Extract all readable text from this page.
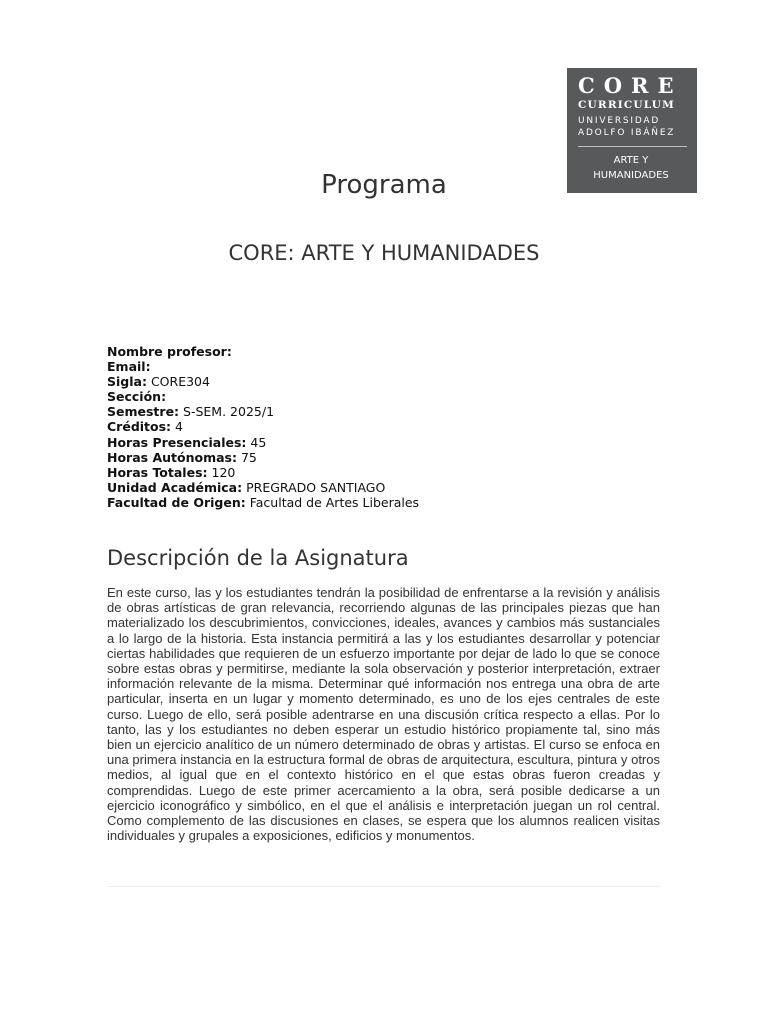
CORE
CURRICULUM
UNIVERSIDAD
ADOLFO IBÁÑEZ
ARTE Y
HUMANIDADES
Programa
CORE: ARTE Y HUMANIDADES
Nombre profesor:
Email:
Sigla: CORE304
Sección:
Semestre: S-SEM. 2025/1
Créditos: 4
Horas Presenciales: 45
Horas Autónomas: 75
Horas Totales: 120
Unidad Académica: PREGRADO SANTIAGO
Facultad de Origen: Facultad de Artes Liberales
Descripción de la Asignatura

En este curso, las y los estudiantes tendrán la posibilidad de enfrentarse a la revisión y análisis de obras artísticas de gran relevancia, recorriendo algunas de las principales piezas que han materializado los descubrimientos, convicciones, ideales, avances y cambios más sustanciales a lo largo de la historia. Esta instancia permitirá a las y los estudiantes desarrollar y potenciar ciertas habilidades que requieren de un esfuerzo importante por dejar de lado lo que se conoce sobre estas obras y permitirse, mediante la sola observación y posterior interpretación, extraer información relevante de la misma. Determinar qué información nos entrega una obra de arte particular, inserta en un lugar y momento determinado, es uno de los ejes centrales de este curso. Luego de ello, será posible adentrarse en una discusión crítica respecto a ellas. Por lo tanto, las y los estudiantes no deben esperar un estudio histórico propiamente tal, sino más bien un ejercicio analítico de un número determinado de obras y artistas. El curso se enfoca en una primera instancia en la estructura formal de obras de arquitectura, escultura, pintura y otros medios, al igual que en el contexto histórico en el que estas obras fueron creadas y comprendidas. Luego de este primer acercamiento a la obra, será posible dedicarse a un ejercicio iconográfico y simbólico, en el que el análisis e interpretación juegan un rol central. Como complemento de las discusiones en clases, se espera que los alumnos realicen visitas individuales y grupales a exposiciones, edificios y monumentos.
